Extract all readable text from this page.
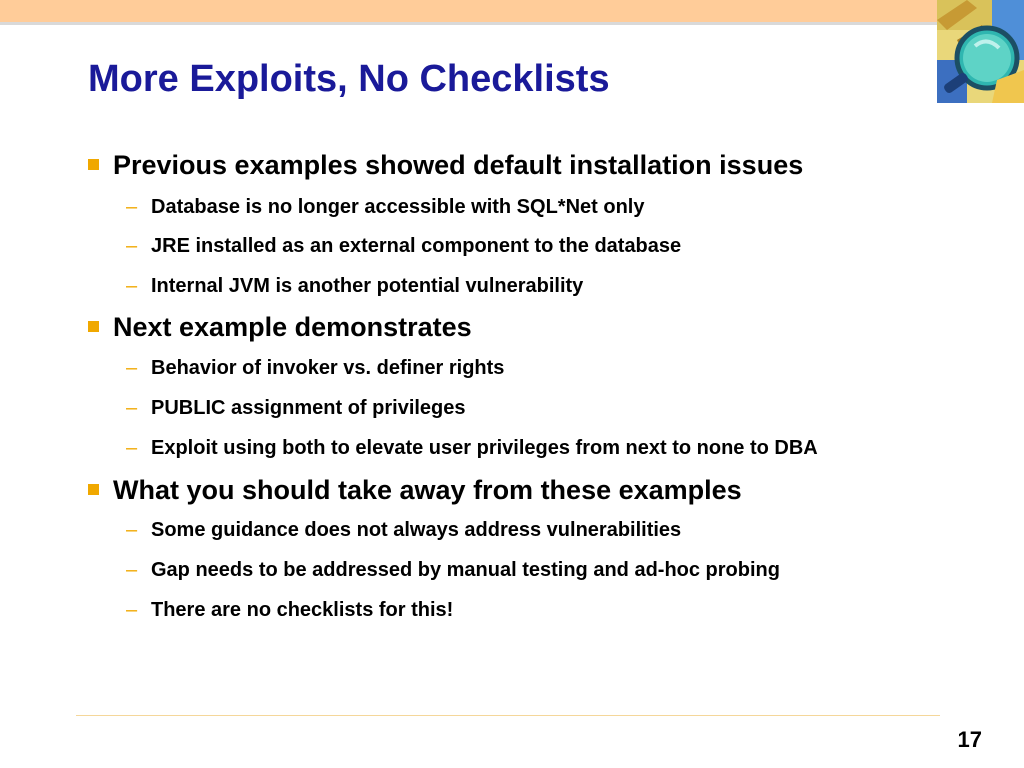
More Exploits, No Checklists
Previous examples showed default installation issues
– Database is no longer accessible with SQL*Net only
– JRE installed as an external component to the database
– Internal JVM is another potential vulnerability
Next example demonstrates
– Behavior of invoker vs. definer rights
– PUBLIC assignment of privileges
– Exploit using both to elevate user privileges from next to none to DBA
What you should take away from these examples
– Some guidance does not always address vulnerabilities
– Gap needs to be addressed by manual testing and ad-hoc probing
– There are no checklists for this!
17
